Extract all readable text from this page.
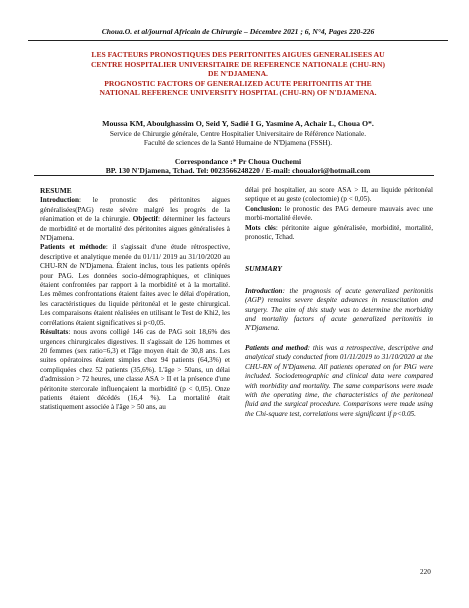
Choua.O. et al/journal Africain de Chirurgie – Décembre 2021 ; 6, N°4, Pages 220-226
LES FACTEURS PRONOSTIQUES DES PERITONITES AIGUES GENERALISEES AU
CENTRE HOSPITALIER UNIVERSITAIRE DE REFERENCE NATIONALE (CHU-RN)
DE N'DJAMENA.
PROGNOSTIC FACTORS OF GENERALIZED ACUTE PERITONITIS AT THE
NATIONAL REFERENCE UNIVERSITY HOSPITAL (CHU-RN) OF N'DJAMENA.
Moussa KM, Aboulghassim O, Seid Y, Sadié I G, Yasmine A, Achair L, Choua O*.
Service de Chirurgie générale, Centre Hospitalier Universitaire de Référence Nationale.
Faculté de sciences de la Santé Humaine de N'Djamena (FSSH).
Correspondance :* Pr Choua Ouchemi
BP. 130 N'Djamena, Tchad. Tel: 0023566248220 / E-mail: choualori@hotmail.com
RESUME

Introduction: le pronostic des péritonites aigues généralisées(PAG) reste sévère malgré les progrès de la réanimation et de la chirurgie. Objectif: déterminer les facteurs de morbidité et de mortalité des péritonites aigues généralisées à N'Djamena.

Patients et méthode: il s'agissait d'une étude rétrospective, descriptive et analytique menée du 01/11/ 2019 au 31/10/2020 au CHU-RN de N'Djamena. Étaient inclus, tous les patients opérés pour PAG. Les données socio-démographiques, et cliniques étaient confrontées par rapport à la morbidité et à la mortalité. Les mêmes confrontations étaient faites avec le délai d'opération, les caractéristiques du liquide péritonéal et le geste chirurgical. Les comparaisons étaient réalisées en utilisant le Test de Khi2, les corrélations étaient significatives si p<0,05.

Résultats: nous avons colligé 146 cas de PAG soit 18,6% des urgences chirurgicales digestives. Il s'agissait de 126 hommes et 20 femmes (sex ratio=6,3) et l'âge moyen était de 30,8 ans. Les suites opératoires étaient simples chez 94 patients (64,3%) et compliquées chez 52 patients (35,6%). L'âge > 50ans, un délai d'admission > 72 heures, une classe ASA > II et la présence d'une péritonite stercorale influençaient la morbidité (p < 0,05). Onze patients étaient décédés (16,4 %). La mortalité était statistiquement associée à l'âge > 50 ans, au

délai pré hospitalier, au score ASA > II, au liquide péritonéal septique et au geste (colectomie) (p < 0,05).

Conclusion: le pronostic des PAG demeure mauvais avec une morbi-mortalité élevée.

Mots clés: péritonite aigue généralisée, morbidité, mortalité, pronostic, Tchad.

SUMMARY

Introduction: the prognosis of acute generalized peritonitis (AGP) remains severe despite advances in resuscitation and surgery. The aim of this study was to determine the morbidity and mortality factors of acute generalized peritonitis in N'Djamena.

Patients and method: this was a retrospective, descriptive and analytical study conducted from 01/11/2019 to 31/10/2020 at the CHU-RN of N'Djamena. All patients operated on for PAG were included. Sociodemographic and clinical data were compared with morbidity and mortality. The same comparisons were made with the operating time, the characteristics of the peritoneal fluid and the surgical procedure. Comparisons were made using the Chi-square test, correlations were significant if p<0.05.

220
